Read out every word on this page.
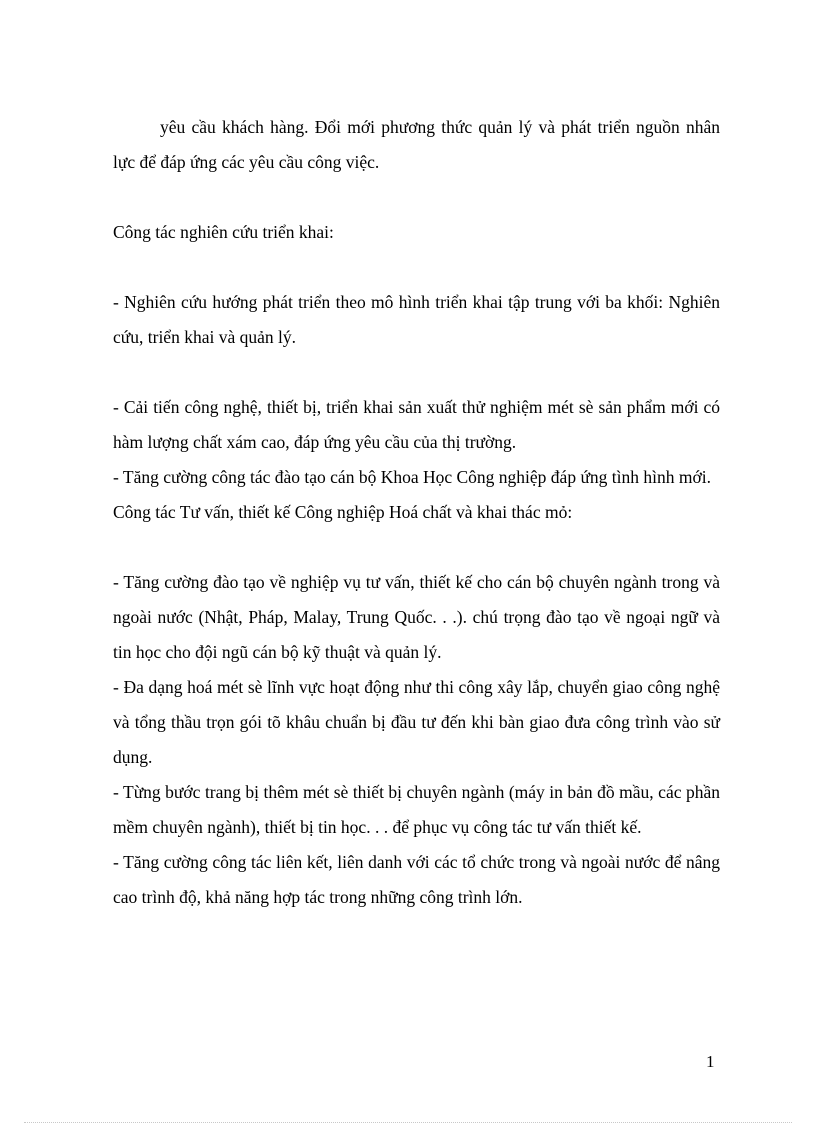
yêu cầu khách hàng. Đổi mới phương thức quản lý và phát triển nguồn nhân lực để đáp ứng các yêu cầu công việc.

Công tác nghiên cứu triển khai:

- Nghiên cứu hướng phát triển theo mô hình triển khai tập trung với ba khối: Nghiên cứu, triển khai và quản lý.

- Cải tiến công nghệ, thiết bị, triển khai sản xuất thử nghiệm mét sè sản phẩm mới có hàm lượng chất xám cao, đáp ứng yêu cầu của thị trường.

- Tăng cường công tác đào tạo cán bộ Khoa Học Công nghiệp đáp ứng tình hình mới.

Công tác Tư vấn, thiết kế Công nghiệp Hoá chất và khai thác mỏ:

- Tăng cường đào tạo về nghiệp vụ tư vấn, thiết kế cho cán bộ chuyên ngành trong và ngoài nước (Nhật, Pháp, Malay, Trung Quốc. . .). chú trọng đào tạo về ngoại ngữ và tin học cho đội ngũ cán bộ kỹ thuật và quản lý.

- Đa dạng hoá mét sè lĩnh vực hoạt động như thi công xây lắp, chuyển giao công nghệ và tổng thầu trọn gói tõ khâu chuẩn bị đầu tư đến khi bàn giao đưa công trình vào sử dụng.

- Từng bước trang bị thêm mét sè thiết bị chuyên ngành (máy in bản đồ mầu, các phần mềm chuyên ngành), thiết bị tin học. . . để phục vụ công tác tư vấn thiết kế.

- Tăng cường công tác liên kết, liên danh với các tổ chức trong và ngoài nước để nâng cao trình độ, khả năng hợp tác trong những công trình lớn.

1
